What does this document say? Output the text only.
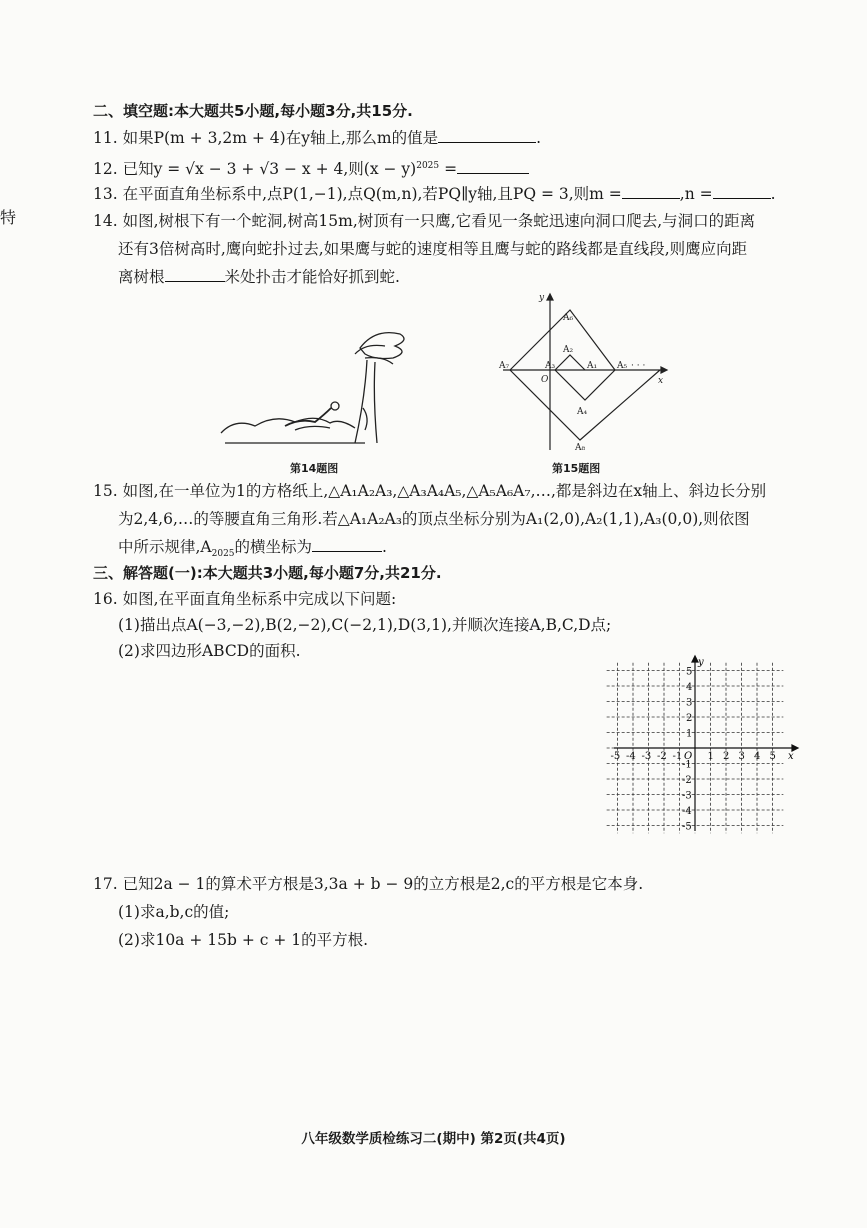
特
二、填空题:本大题共5小题,每小题3分,共15分.
11. 如果P(m + 3,2m + 4)在y轴上,那么m的值是	.
12. 已知y = √x − 3 + √3 − x + 4,则$(x - y)^{2025}$ =
13. 在平面直角坐标系中,点P(1,−1),点Q(m,n),若PQ∥y轴,且PQ = 3,则m =	,n =	.
14. 如图,树根下有一个蛇洞,树高15m,树顶有一只鹰,它看见一条蛇迅速向洞口爬去,与洞口的距离
还有3倍树高时,鹰向蛇扑过去,如果鹰与蛇的速度相等且鹰与蛇的路线都是直线段,则鹰应向距
离树根	米处扑击才能恰好抓到蛇.
第14题图
y
x
O
A₁
A₂
A₃
A₄
A₅
A₆
A₇
A₈
· · ·
第15题图
15. 如图,在一单位为1的方格纸上,△A₁A₂A₃,△A₃A₄A₅,△A₅A₆A₇,…,都是斜边在x轴上、斜边长分别
为2,4,6,…的等腰直角三角形.若△A₁A₂A₃的顶点坐标分别为A₁(2,0),A₂(1,1),A₃(0,0),则依图
中所示规律$,A_{2025}$的横坐标为	.
三、解答题(一):本大题共3小题,每小题7分,共21分.
16. 如图,在平面直角坐标系中完成以下问题:
(1)描出点A(−3,−2),B(2,−2),C(−2,1),D(3,1),并顺次连接A,B,C,D点;
(2)求四边形ABCD的面积.
-5 -4 -3 -2 -1	1 2 3 4 5
1
2
3
4
5
-1
-2
-3
-4
-5
x
y
O
17. 已知2a − 1的算术平方根是3,3a + b − 9的立方根是2,c的平方根是它本身.
(1)求a,b,c的值;
(2)求10a + 15b + c + 1的平方根.
八年级数学质检练习二(期中) 第2页(共4页)
